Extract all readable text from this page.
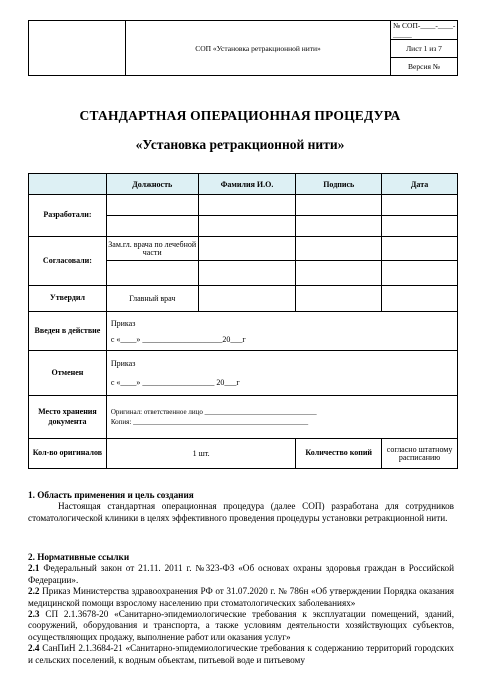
	СОП «Установка ретракционной нити»	№ СОП-____-____-_____
Лист 1 из 7
Версия №
СТАНДАРТНАЯ ОПЕРАЦИОННАЯ ПРОЦЕДУРА
«Установка ретракционной нити»
	Должность	Фамилия И.О.	Подпись	Дата
Разработали:				

Согласовали:	Зам.гл. врача по лечебной части			

Утвердил	Главный врач			
Введен в действие	Приказ
с «____» ____________________20___г			

Отменен	Приказ
с «____» __________________ 20___г			

Место хранения документа	Оригинал: ответственное лицо ________________________________
Копия: __________________________________________________			

Кол-во оригиналов	1 шт.		Количество копий	согласно штатному расписанию

1. Область применения и цель создания

Настоящая стандартная операционная процедура (далее СОП) разработана для сотрудников стоматологической клиники в целях эффективного проведения процедуры установки ретракционной нити.

2. Нормативные ссылки

2.1 Федеральный закон от 21.11. 2011 г. №323-ФЗ «Об основах охраны здоровья граждан в Российской Федерации».

2.2 Приказ Министерства здравоохранения РФ от 31.07.2020 г. № 786н «Об утверждении Порядка оказания медицинской помощи взрослому населению при стоматологических заболеваниях»

2.3 СП 2.1.3678-20 «Санитарно-эпидемиологические требования к эксплуатации помещений, зданий, сооружений, оборудования и транспорта, а также условиям деятельности хозяйствующих субъектов, осуществляющих продажу, выполнение работ или оказания услуг»

2.4 СанПиН 2.1.3684-21 «Санитарно-эпидемиологические требования к содержанию территорий городских и сельских поселений, к водным объектам, питьевой воде и питьевому
